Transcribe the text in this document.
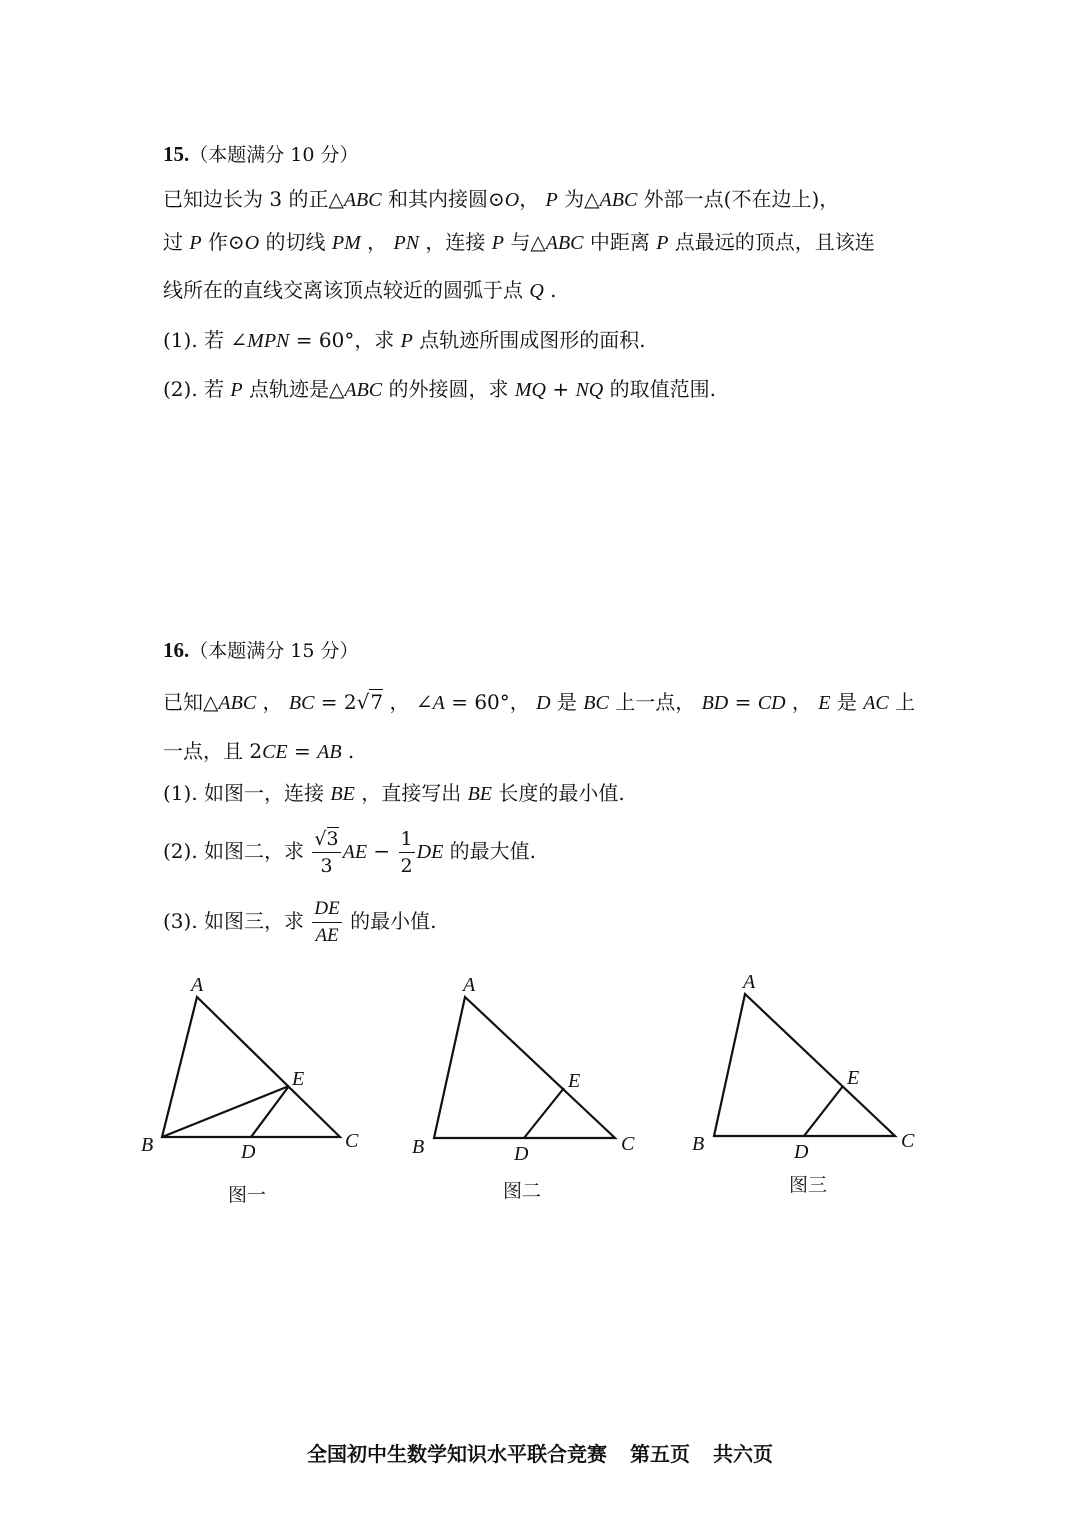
15.（本题满分 10 分）
已知边长为 3 的正△ABC 和其内接圆⊙O， P 为△ABC 外部一点(不在边上)，
过 P 作⊙O 的切线 PM ， PN ，连接 P 与△ABC 中距离 P 点最远的顶点，且该连
线所在的直线交离该顶点较近的圆弧于点 Q .
(1). 若 ∠MPN = 60°，求 P 点轨迹所围成图形的面积.
(2). 若 P 点轨迹是△ABC 的外接圆，求 MQ + NQ 的取值范围.
16.（本题满分 15 分）
已知△ABC ， BC = 2√7 ， ∠A = 60°， D 是 BC 上一点， BD = CD ， E 是 AC 上
一点，且 2CE = AB .
(1). 如图一，连接 BE ，直接写出 BE 长度的最小值.
(2). 如图二，求 $\frac{√3}{3}$ AE − $\frac{1}{2}$ DE 的最大值.
(3). 如图三，求 $\frac{DE}{AE}$ 的最小值.
A
B	C
D
E
A
B	C
D
E
A
B	C
D
E
图一	图二	图三
全国初中生数学知识水平联合竞赛 第五页 共六页
